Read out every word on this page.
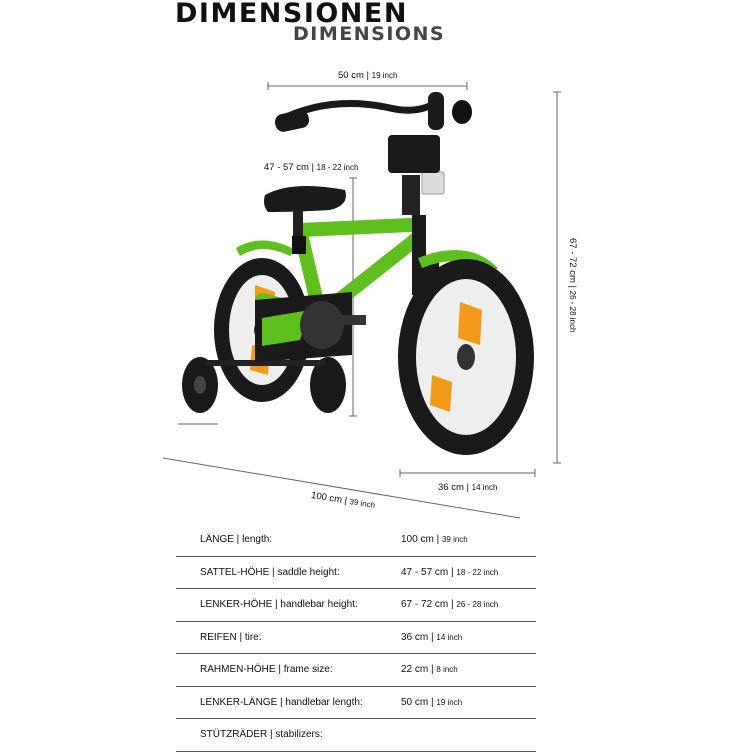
DIMENSIONEN
DIMENSIONS
50 cm | 19 inch
47 - 57 cm | 18 - 22 inch
67 - 72 cm | 26 - 28 inch
36 cm | 14 inch
100 cm | 39 inch
LÄNGE | length:	100 cm | 39 inch
SATTEL-HÖHE | saddle height:	47 - 57 cm | 18 - 22 inch
LENKER-HÖHE | handlebar height:	67 - 72 cm | 26 - 28 inch
REIFEN | tire:	36 cm | 14 inch
RAHMEN-HÖHE | frame size:	22 cm | 8 inch
LENKER-LÄNGE | handlebar length:	50 cm | 19 inch
STÜTZRÄDER | stabilizers:	
